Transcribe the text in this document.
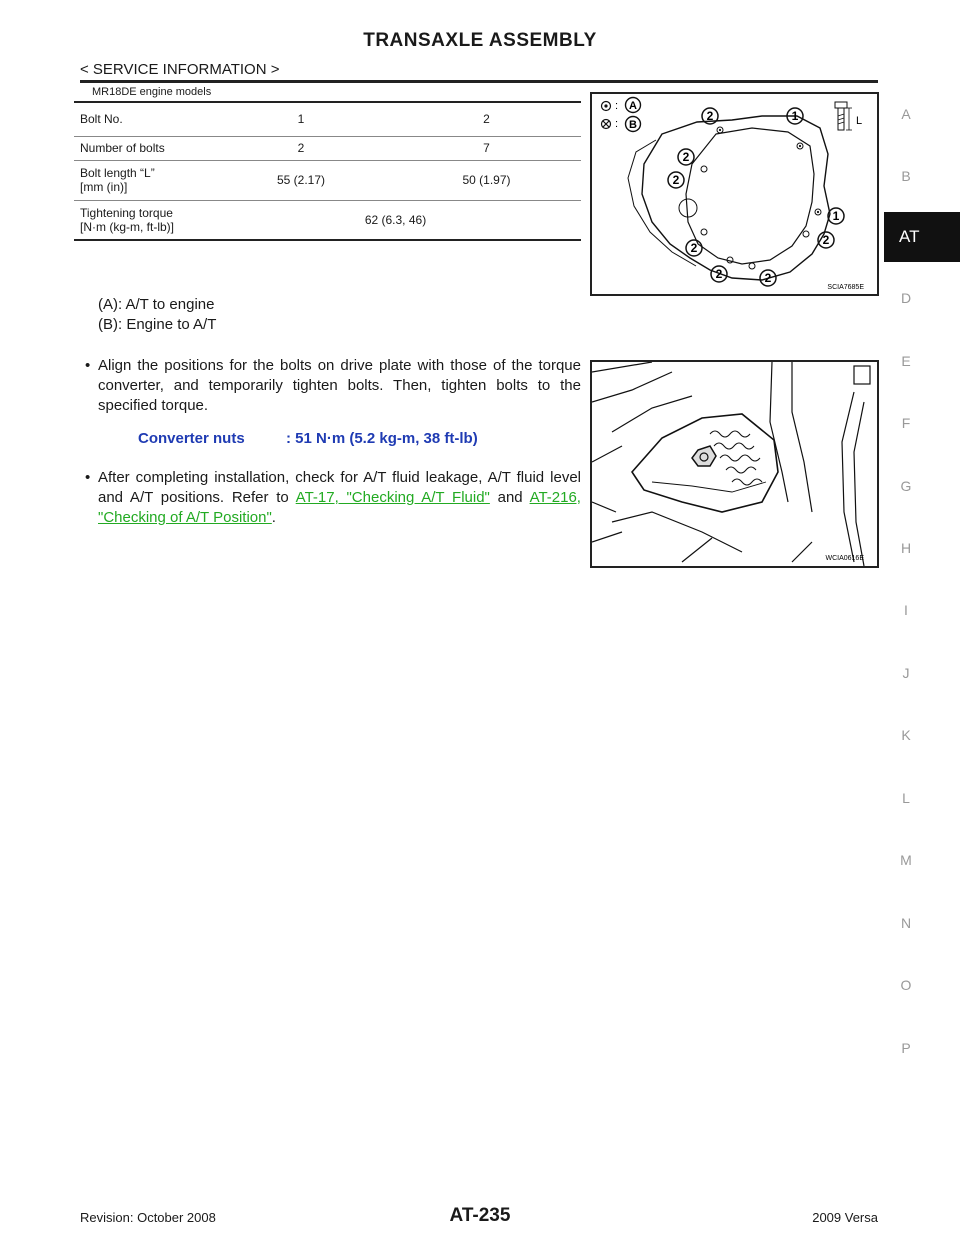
TRANSAXLE ASSEMBLY
< SERVICE INFORMATION >
MR18DE engine models
Bolt No.	1	2
Number of bolts	2	7

Bolt length “L”
[mm (in)]	55 (2.17)	50 (1.97)

Tightening torque
[N·m (kg-m, ft-lb)]	62 (6.3, 46)	
: A
: B	L
2	1
2
2
1
2
2
2	2
SCIA7685E
(A): A/T to engine
(B): Engine to A/T
• Align the positions for the bolts on drive plate with those of the torque converter, and temporarily tighten bolts. Then, tighten bolts to the specified torque.
Converter nuts	: 51 N·m (5.2 kg-m, 38 ft-lb)
• After completing installation, check for A/T fluid leakage, A/T fluid level and A/T positions. Refer to AT-17, "Checking A/T Fluid" and AT-216, "Checking of A/T Position".
WCIA0616E
A
B
D
E
F
G
H
I
J
K
L
M
N
O
P
AT
Revision: October 2008	AT-235	2009 Versa
